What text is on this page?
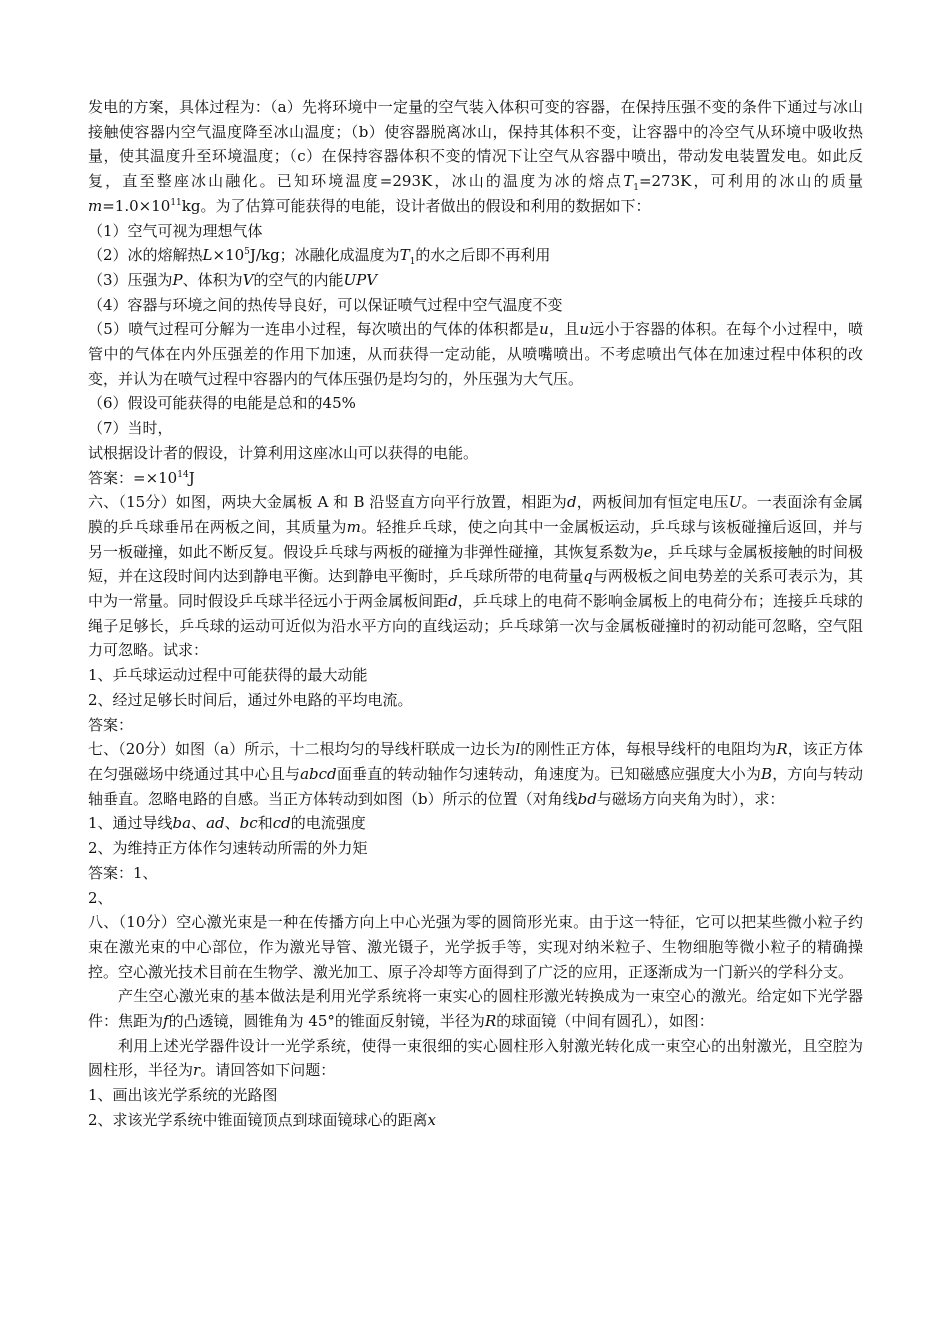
发电的方案，具体过程为：（a）先将环境中一定量的空气装入体积可变的容器，在保持压强不变的条件下通过与冰山接触使容器内空气温度降至冰山温度；（b）使容器脱离冰山，保持其体积不变，让容器中的冷空气从环境中吸收热量，使其温度升至环境温度；（c）在保持容器体积不变的情况下让空气从容器中喷出，带动发电装置发电。如此反复，直至整座冰山融化。已知环境温度=293K，冰山的温度为冰的熔点$T_1=273K$，可利用的冰山的质量$m=1.0\times 10^{11}kg$。为了估算可能获得的电能，设计者做出的假设和利用的数据如下：

（1）空气可视为理想气体

（2）冰的熔解热$L\times 10^5J/kg$；冰融化成温度为$T_1$的水之后即不再利用

（3）压强为P、体积为V的空气的内能UPV

（4）容器与环境之间的热传导良好，可以保证喷气过程中空气温度不变

（5）喷气过程可分解为一连串小过程，每次喷出的气体的体积都是u，且u远小于容器的体积。在每个小过程中，喷管中的气体在内外压强差的作用下加速，从而获得一定动能，从喷嘴喷出。不考虑喷出气体在加速过程中体积的改变，并认为在喷气过程中容器内的气体压强仍是均匀的，外压强为大气压。

（6）假设可能获得的电能是总和的45%

（7）当时，

试根据设计者的假设，计算利用这座冰山可以获得的电能。

答案：$=\times 10^{14}J$

六、（15分）如图，两块大金属板 A 和 B 沿竖直方向平行放置，相距为d，两板间加有恒定电压U。一表面涂有金属膜的乒乓球垂吊在两板之间，其质量为m。轻推乒乓球，使之向其中一金属板运动，乒乓球与该板碰撞后返回，并与另一板碰撞，如此不断反复。假设乒乓球与两板的碰撞为非弹性碰撞，其恢复系数为e，乒乓球与金属板接触的时间极短，并在这段时间内达到静电平衡。达到静电平衡时，乒乓球所带的电荷量q与两极板之间电势差的关系可表示为，其中为一常量。同时假设乒乓球半径远小于两金属板间距d，乒乓球上的电荷不影响金属板上的电荷分布；连接乒乓球的绳子足够长，乒乓球的运动可近似为沿水平方向的直线运动；乒乓球第一次与金属板碰撞时的初动能可忽略，空气阻力可忽略。试求：

1、乒乓球运动过程中可能获得的最大动能

2、经过足够长时间后，通过外电路的平均电流。

答案：

七、（20分）如图（a）所示，十二根均匀的导线杆联成一边长为l的刚性正方体，每根导线杆的电阻均为R，该正方体在匀强磁场中绕通过其中心且与abcd面垂直的转动轴作匀速转动，角速度为。已知磁感应强度大小为B，方向与转动轴垂直。忽略电路的自感。当正方体转动到如图（b）所示的位置（对角线bd与磁场方向夹角为时），求：

1、通过导线ba、ad、bc和cd的电流强度

2、为维持正方体作匀速转动所需的外力矩

答案：1、

2、

八、（10分）空心激光束是一种在传播方向上中心光强为零的圆筒形光束。由于这一特征，它可以把某些微小粒子约束在激光束的中心部位，作为激光导管、激光镊子，光学扳手等，实现对纳米粒子、生物细胞等微小粒子的精确操控。空心激光技术目前在生物学、激光加工、原子冷却等方面得到了广泛的应用，正逐渐成为一门新兴的学科分支。

产生空心激光束的基本做法是利用光学系统将一束实心的圆柱形激光转换成为一束空心的激光。给定如下光学器件：焦距为f的凸透镜，圆锥角为 45°的锥面反射镜，半径为R的球面镜（中间有圆孔），如图：

利用上述光学器件设计一光学系统，使得一束很细的实心圆柱形入射激光转化成一束空心的出射激光，且空腔为圆柱形，半径为r。请回答如下问题：

1、画出该光学系统的光路图

2、求该光学系统中锥面镜顶点到球面镜球心的距离x
